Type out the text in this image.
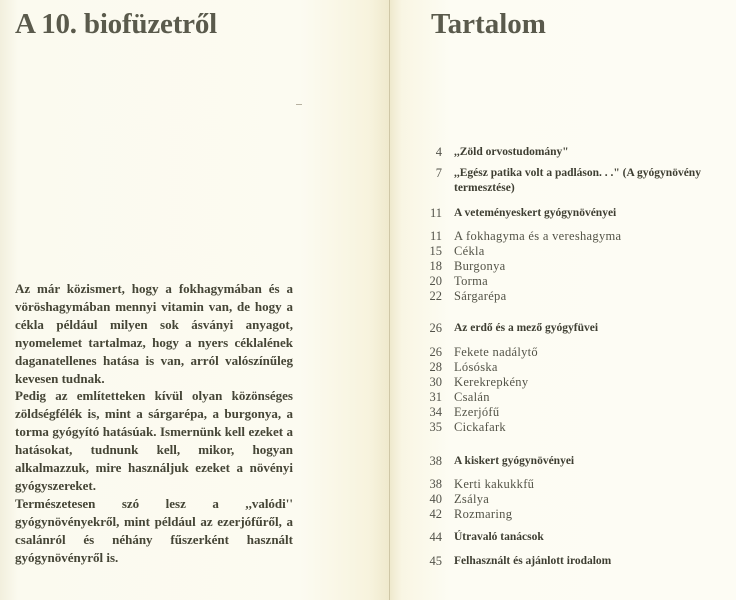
A 10. biofüzetről

Az már közismert, hogy a fokhagymában és a vöröshagymában mennyi vitamin van, de hogy a cékla például milyen sok ásványi anyagot, nyomelemet tartalmaz, hogy a nyers céklalének daganatellenes hatása is van, arról valószínűleg kevesen tudnak.

Pedig az említetteken kívül olyan közönséges zöldségfélék is, mint a sárgarépa, a burgonya, a torma gyógyító hatásúak. Ismernünk kell ezeket a hatásokat, tudnunk kell, mikor, hogyan alkalmazzuk, mire használjuk ezeket a növényi gyógyszereket.

Természetesen szó lesz a ,,valódi'' gyógynövényekről, mint például az ezerjófűről, a csalánról és néhány fűszerként használt gyógynövényről is.

Tartalom
4 ,,Zöld orvostudomány"
7 ,,Egész patika volt a padláson. . ." (A gyógynövény
termesztése)
11 A veteményeskert gyógynövényei
11 A fokhagyma és a vereshagyma
15 Cékla
18 Burgonya
20 Torma
22 Sárgarépa
26 Az erdő és a mező gyógyfüvei
26 Fekete nadálytő
28 Lósóska
30 Kerekrepkény
31 Csalán
34 Ezerjófű
35 Cickafark
38 A kiskert gyógynövényei
38 Kerti kakukkfű
40 Zsálya
42 Rozmaring
44 Útravaló tanácsok
45 Felhasznált és ajánlott irodalom
